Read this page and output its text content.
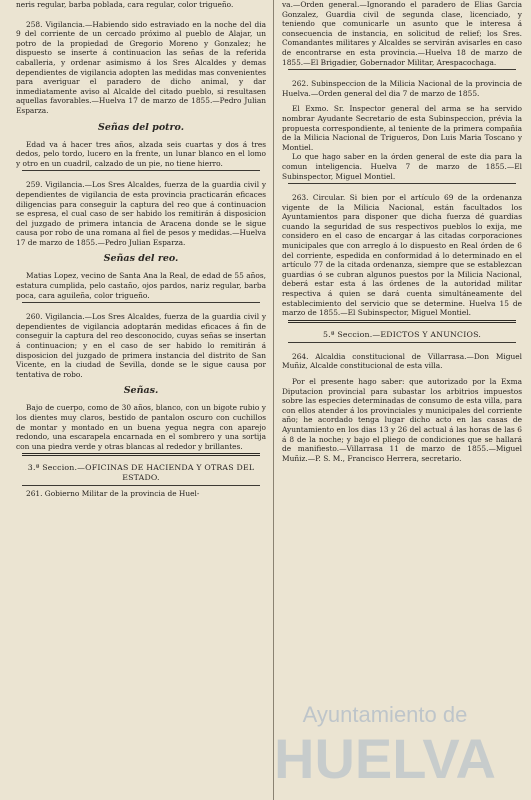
neris regular, barba poblada, cara regular, color trigueño.

258. Vigilancia.—Habiendo sido estraviado en la noche del dia 9 del corriente de un cercado próximo al pueblo de Alajar, un potro de la propiedad de Gregorio Moreno y Gonzalez; he dispuesto se inserte á continuacion las señas de la referida caballeria, y ordenar asimismo á los Sres Alcaldes y demas dependientes de vigilancia adopten las medidas mas convenientes para averiguar el paradero de dicho animal, y dar inmediatamente aviso al Alcalde del citado pueblo, si resultasen aquellas favorables.—Huelva 17 de marzo de 1855.—Pedro Julian Esparza.

Señas del potro.

Edad va á hacer tres años, alzada seis cuartas y dos á tres dedos, pelo tordo, lucero en la frente, un lunar blanco en el lomo y otro en un cuadril, calzado de un pie, no tiene hierro.

259. Vigilancia.—Los Sres Alcaldes, fuerza de la guardia civil y dependientes de vigilancia de esta provincia practicarán eficaces diligencias para conseguir la captura del reo que á continuacion se espresa, el cual caso de ser habido los remitirán á disposicion del juzgado de primera intancia de Aracena donde se le sigue causa por robo de una romana al fiel de pesos y medidas.—Huelva 17 de marzo de 1855.—Pedro Julian Esparza.

Señas del reo.

Matias Lopez, vecino de Santa Ana la Real, de edad de 55 años, estatura cumplida, pelo castaño, ojos pardos, nariz regular, barba poca, cara aguileña, color trigueño.

260. Vigilancia.—Los Sres Alcaldes, fuerza de la guardia civil y dependientes de vigilancia adoptarán medidas eficaces á fin de conseguir la captura del reo desconocido, cuyas señas se insertan á continuacion; y en el caso de ser habido lo remitirán á disposicion del juzgado de primera instancia del distrito de San Vicente, en la ciudad de Sevilla, donde se le sigue causa por tentativa de robo.

Señas.

Bajo de cuerpo, como de 30 años, blanco, con un bigote rubio y los dientes muy claros, bestido de pantalon oscuro con cuchillos de montar y montado en un buena yegua negra con aparejo redondo, una escarapela encarnada en el sombrero y una sortija con una piedra verde y otras blancas al rededor y brillantes.

3.ª Seccion.—OFICINAS DE HACIENDA Y OTRAS DEL ESTADO.

261. Gobierno Militar de la provincia de Huel-

va.—Orden general.—Ignorando el paradero de Elias Garcia Gonzalez, Guardia civil de segunda clase, licenciado, y teniendo que comunicarle un asunto que le interesa á consecuencia de instancia, en solicitud de relief; los Sres. Comandantes militares y Alcaldes se servirán avisarles en caso de encontrarse en esta provincia.—Huelva 18 de marzo de 1855.—El Brigadier, Gobernador Militar, Arespacochaga.

262. Subinspeccion de la Milicia Nacional de la provincia de Huelva.—Orden general del dia 7 de marzo de 1855.

El Exmo. Sr. Inspector general del arma se ha servido nombrar Ayudante Secretario de esta Subinspeccion, prévia la propuesta correspondiente, al teniente de la primera compañia de la Milicia Nacional de Trigueros, Don Luis Maria Toscano y Montiel.

Lo que hago saber en la órden general de este dia para la comun inteligencia. Huelva 7 de marzo de 1855.—El Subinspector, Miguel Montiel.

263. Circular. Si bien por el artículo 69 de la ordenanza vigente de la Milicia Nacional, están facultados los Ayuntamientos para disponer que dicha fuerza dé guardias cuando la seguridad de sus respectivos pueblos lo exija, me considero en el caso de encargar á las citadas corporaciones municipales que con arreglo á lo dispuesto en Real órden de 6 del corriente, espedida en conformidad á lo determinado en el artículo 77 de la citada ordenanza, siempre que se establezcan guardias ó se cubran algunos puestos por la Milicia Nacional, deberá estar esta á las órdenes de la autoridad militar respectiva á quien se dará cuenta simultáneamente del establecimiento del servicio que se determine. Huelva 15 de marzo de 1855.—El Subinspector, Miguel Montiel.

5.ª Seccion.—EDICTOS Y ANUNCIOS.

264. Alcaldia constitucional de Villarrasa.—Don Miguel Muñiz, Alcalde constitucional de esta villa.

Por el presente hago saber: que autorizado por la Exma Diputacion provincial para subastar los arbitrios impuestos sobre las especies determinadas de consumo de esta villa, para con ellos atender á los provinciales y municipales del corriente año; he acordado tenga lugar dicho acto en las casas de Ayuntamiento en los dias 13 y 26 del actual á las horas de las 6 á 8 de la noche; y bajo el pliego de condiciones que se hallará de manifiesto.—Villarrasa 11 de marzo de 1855.—Miguel Muñiz.—P. S. M., Francisco Herrera, secretario.

Ayuntamiento de
HUELVA
